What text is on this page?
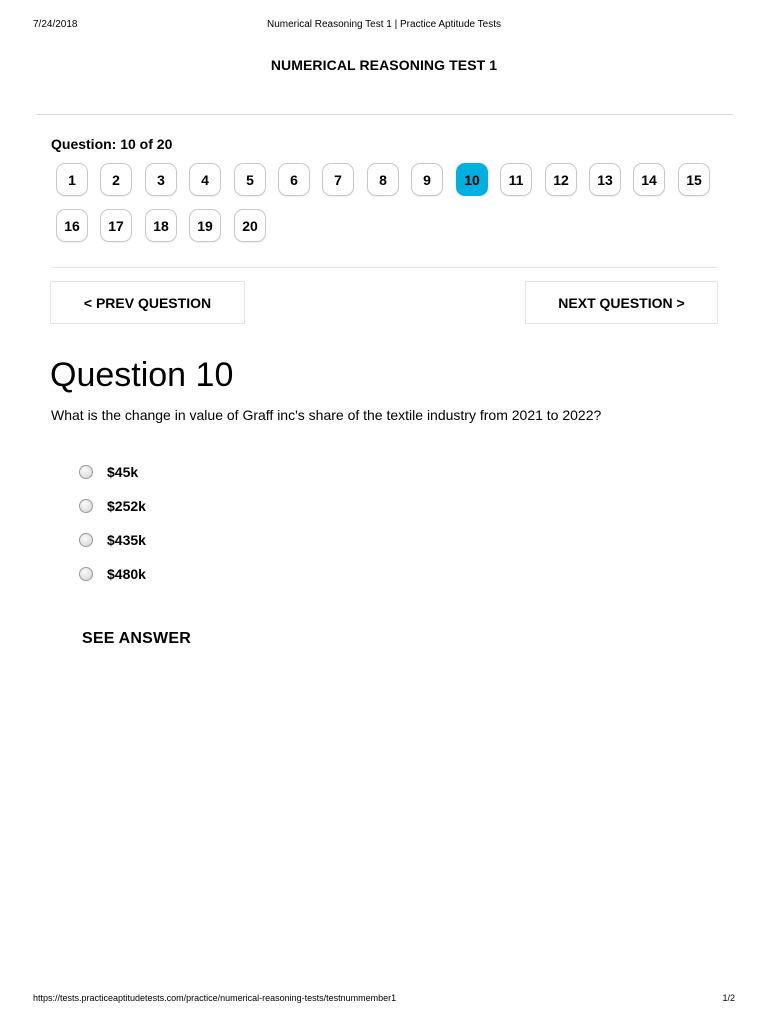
7/24/2018	Numerical Reasoning Test 1 | Practice Aptitude Tests
NUMERICAL REASONING TEST 1
Question: 10 of 20
1	2	3	4	5	6	7	8	9	10	11	12	13	14	15
16	17	18	19	20
< PREV QUESTION	NEXT QUESTION >
Question 10
What is the change in value of Graff inc's share of the textile industry from 2021 to 2022?
$45k
$252k
$435k
$480k
SEE ANSWER
https://tests.practiceaptitudetests.com/practice/numerical-reasoning-tests/testnummember1	1/2
